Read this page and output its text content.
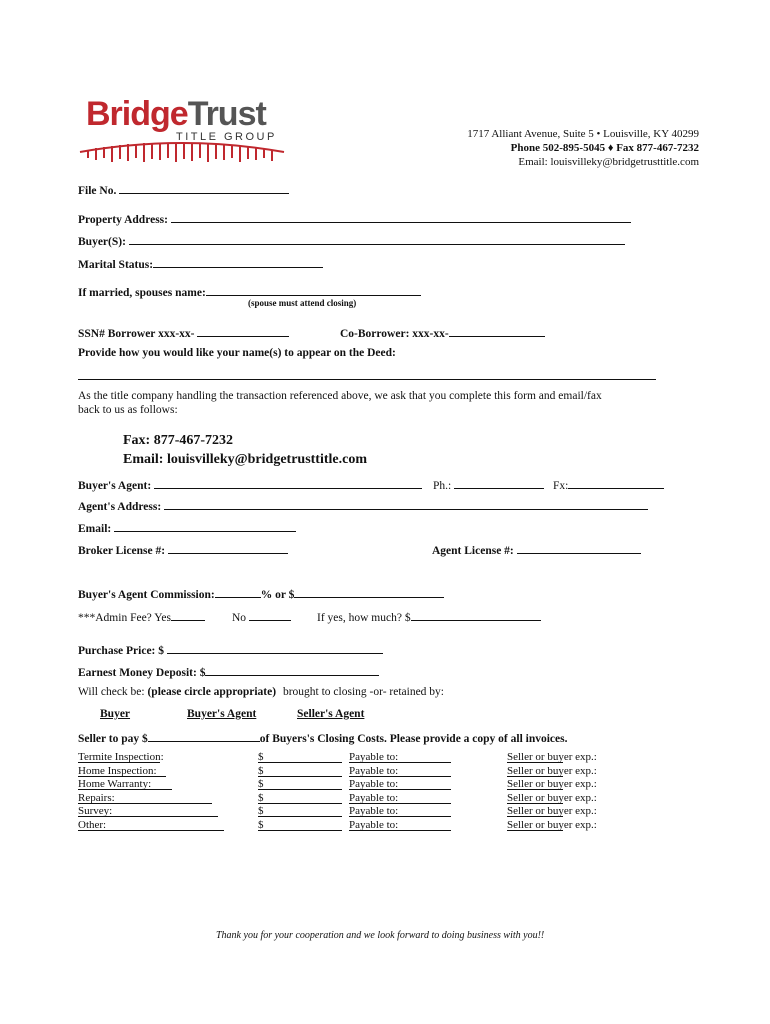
BridgeTrust
TITLE GROUP	1717 Alliant Avenue, Suite 5 • Louisville, KY 40299
Phone 502-895-5045 ♦ Fax 877-467-7232
Email: louisvilleky@bridgetrusttitle.com
File No.
Property Address:
Buyer(S):
Marital Status:
If married, spouses name:
(spouse must attend closing)
SSN# Borrower xxx-xx-	Co-Borrower: xxx-xx-
Provide how you would like your name(s) to appear on the Deed:
As the title company handling the transaction referenced above, we ask that you complete this form and email/fax
back to us as follows:
Fax: 877-467-7232
Email: louisvilleky@bridgetrusttitle.com
Buyer's Agent:	Ph.:	Fx:
Agent's Address:
Email:
Broker License #:	Agent License #:
Buyer's Agent Commission:	% or $
***Admin Fee? Yes	No	If yes, how much? $
Purchase Price: $
Earnest Money Deposit: $
Will check be: (please circle appropriate) brought to closing -or- retained by:
Buyer	Buyer's Agent	Seller's Agent
Seller to pay $	of Buyers's Closing Costs. Please provide a copy of all invoices.
Termite Inspection:	$	Payable to:	Seller or buyer exp.:
Home Inspection:	$	Payable to:	Seller or buyer exp.:
Home Warranty:	$	Payable to:	Seller or buyer exp.:
Repairs:	$	Payable to:	Seller or buyer exp.:
Survey:	$	Payable to:	Seller or buyer exp.:
Other:	$	Payable to:	Seller or buyer exp.:
Thank you for your cooperation and we look forward to doing business with you!!
